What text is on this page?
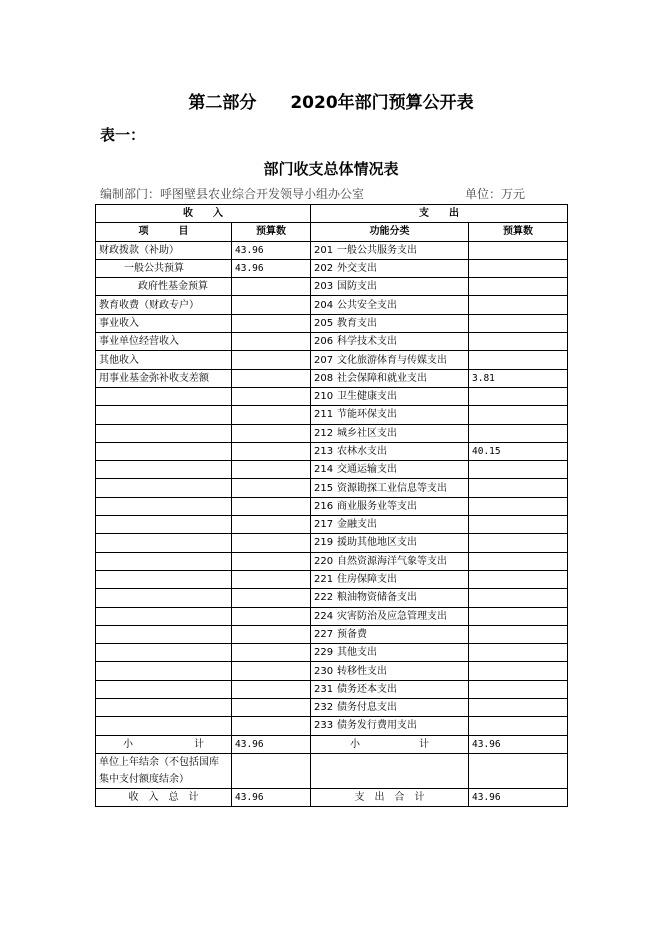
第二部分　　2020年部门预算公开表
表一：
部门收支总体情况表
编制部门：呼图壁县农业综合开发领导小组办公室	单位：万元
收　　入		支　　出	
项　　　目	预算数	功能分类	预算数
财政拨款（补助）	43.96	201 一般公共服务支出	
一般公共预算	43.96	202 外交支出	
政府性基金预算		203 国防支出	
教育收费（财政专户）		204 公共安全支出	
事业收入		205 教育支出	
事业单位经营收入		206 科学技术支出	
其他收入		207 文化旅游体育与传媒支出	
用事业基金弥补收支差额		208 社会保障和就业支出	3.81
		210 卫生健康支出	
		211 节能环保支出	
		212 城乡社区支出	
		213 农林水支出	40.15
		214 交通运输支出	
		215 资源勘探工业信息等支出	
		216 商业服务业等支出	
		217 金融支出	
		219 援助其他地区支出	
		220 自然资源海洋气象等支出	
		221 住房保障支出	
		222 粮油物资储备支出	
		224 灾害防治及应急管理支出	
		227 预备费	
		229 其他支出	
		230 转移性支出	
		231 债务还本支出	
		232 债务付息支出	
		233 债务发行费用支出	

小 计	43.96	小 计	43.96
单位上年结余（不包括国库集中支付额度结余）			
收　入　总　计	43.96	支　出　合　计	43.96
